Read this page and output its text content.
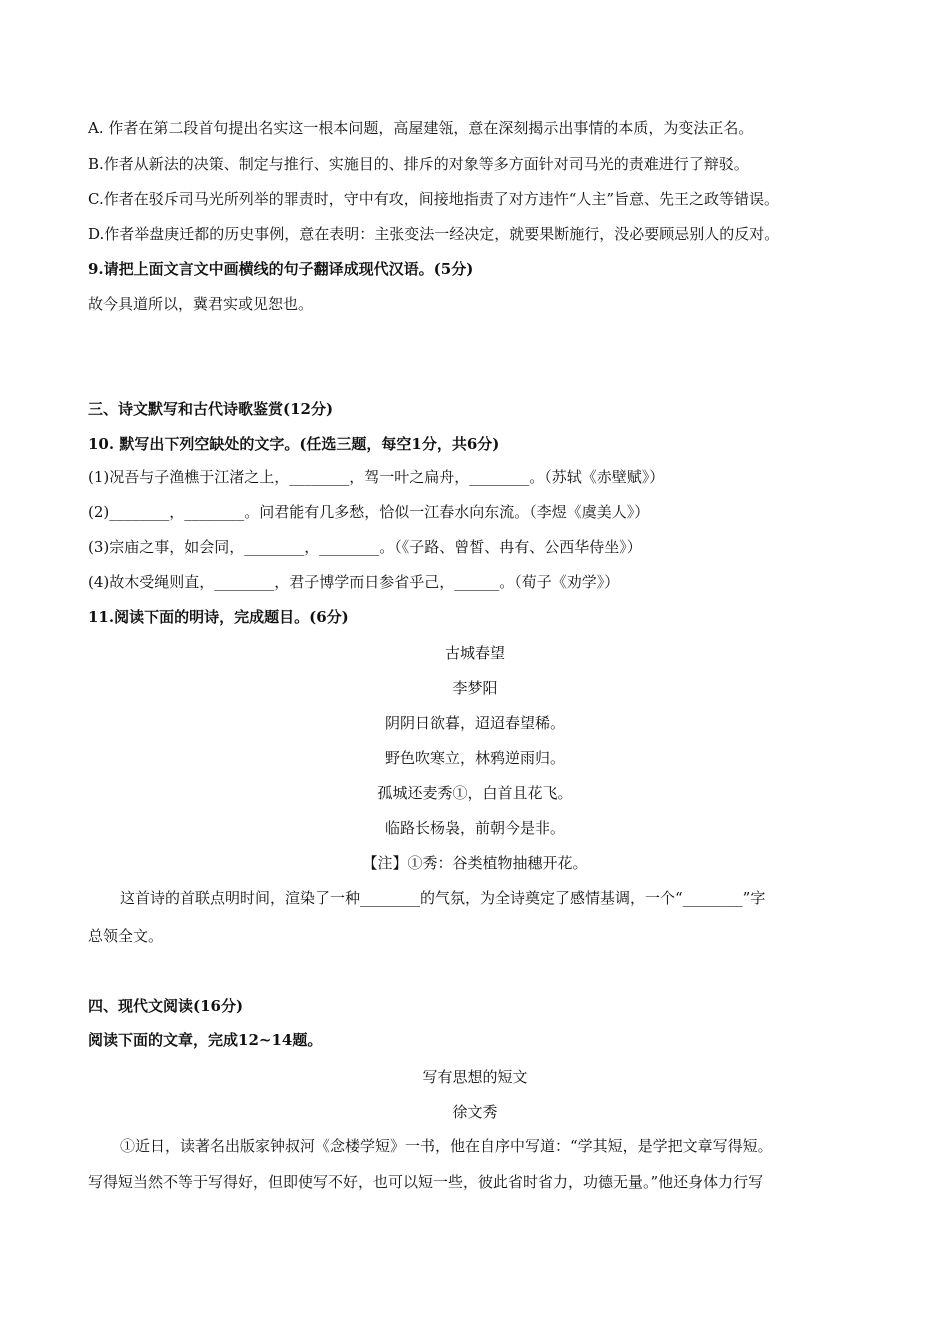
A. 作者在第二段首句提出名实这一根本问题，高屋建瓴，意在深刻揭示出事情的本质，为变法正名。
B.作者从新法的决策、制定与推行、实施目的、排斥的对象等多方面针对司马光的责难进行了辩驳。
C.作者在驳斥司马光所列举的罪责时，守中有攻，间接地指责了对方违忤“人主”旨意、先王之政等错误。
D.作者举盘庚迁都的历史事例，意在表明：主张变法一经决定，就要果断施行，没必要顾忌别人的反对。
9.请把上面文言文中画横线的句子翻译成现代汉语。(5分)
故今具道所以，冀君实或见恕也。
三、诗文默写和古代诗歌鉴赏(12分)
10. 默写出下列空缺处的文字。(任选三题，每空1分，共6分)
(1)况吾与子渔樵于江渚之上，________，驾一叶之扁舟，________。（苏轼《赤壁赋》）
(2)________，________。问君能有几多愁，恰似一江春水向东流。（李煜《虞美人》）
(3)宗庙之事，如会同，________，________。（《子路、曾皙、冉有、公西华侍坐》）
(4)故木受绳则直，________，君子博学而日参省乎己，______。（荀子《劝学》）
11.阅读下面的明诗，完成题目。(6分)
古城春望
李梦阳
阴阴日欲暮，迢迢春望稀。
野色吹寒立，林鸦逆雨归。
孤城还麦秀①，白首且花飞。
临路长杨袅，前朝今是非。
【注】①秀：谷类植物抽穗开花。
这首诗的首联点明时间，渲染了一种________的气氛，为全诗奠定了感情基调，一个“________”字
总领全文。
四、现代文阅读(16分)
阅读下面的文章，完成12~14题。
写有思想的短文
徐文秀
①近日，读著名出版家钟叔河《念楼学短》一书，他在自序中写道：“学其短，是学把文章写得短。
写得短当然不等于写得好，但即使写不好，也可以短一些，彼此省时省力，功德无量。”他还身体力行写
